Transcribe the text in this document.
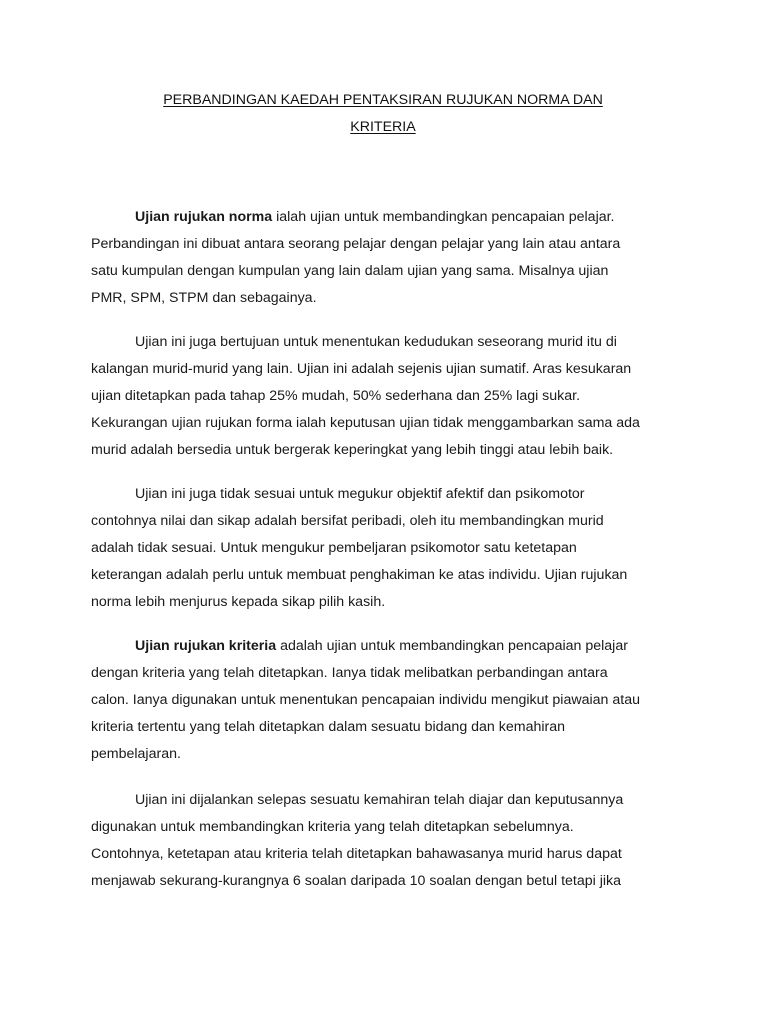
PERBANDINGAN KAEDAH PENTAKSIRAN RUJUKAN NORMA DAN
KRITERIA
Ujian rujukan norma ialah ujian untuk membandingkan pencapaian pelajar.
Perbandingan ini dibuat antara seorang pelajar dengan pelajar yang lain atau antara
satu kumpulan dengan kumpulan yang lain dalam ujian yang sama. Misalnya ujian
PMR, SPM, STPM dan sebagainya.
Ujian ini juga bertujuan untuk menentukan kedudukan seseorang murid itu di
kalangan murid-murid yang lain. Ujian ini adalah sejenis ujian sumatif. Aras kesukaran
ujian ditetapkan pada tahap 25% mudah, 50% sederhana dan 25% lagi sukar.
Kekurangan ujian rujukan forma ialah keputusan ujian tidak menggambarkan sama ada
murid adalah bersedia untuk bergerak keperingkat yang lebih tinggi atau lebih baik.
Ujian ini juga tidak sesuai untuk megukur objektif afektif dan psikomotor
contohnya nilai dan sikap adalah bersifat peribadi, oleh itu membandingkan murid
adalah tidak sesuai. Untuk mengukur pembeljaran psikomotor satu ketetapan
keterangan adalah perlu untuk membuat penghakiman ke atas individu. Ujian rujukan
norma lebih menjurus kepada sikap pilih kasih.
Ujian rujukan kriteria adalah ujian untuk membandingkan pencapaian pelajar
dengan kriteria yang telah ditetapkan. Ianya tidak melibatkan perbandingan antara
calon. Ianya digunakan untuk menentukan pencapaian individu mengikut piawaian atau
kriteria tertentu yang telah ditetapkan dalam sesuatu bidang dan kemahiran
pembelajaran.
Ujian ini dijalankan selepas sesuatu kemahiran telah diajar dan keputusannya
digunakan untuk membandingkan kriteria yang telah ditetapkan sebelumnya.
Contohnya, ketetapan atau kriteria telah ditetapkan bahawasanya murid harus dapat
menjawab sekurang-kurangnya 6 soalan daripada 10 soalan dengan betul tetapi jika
